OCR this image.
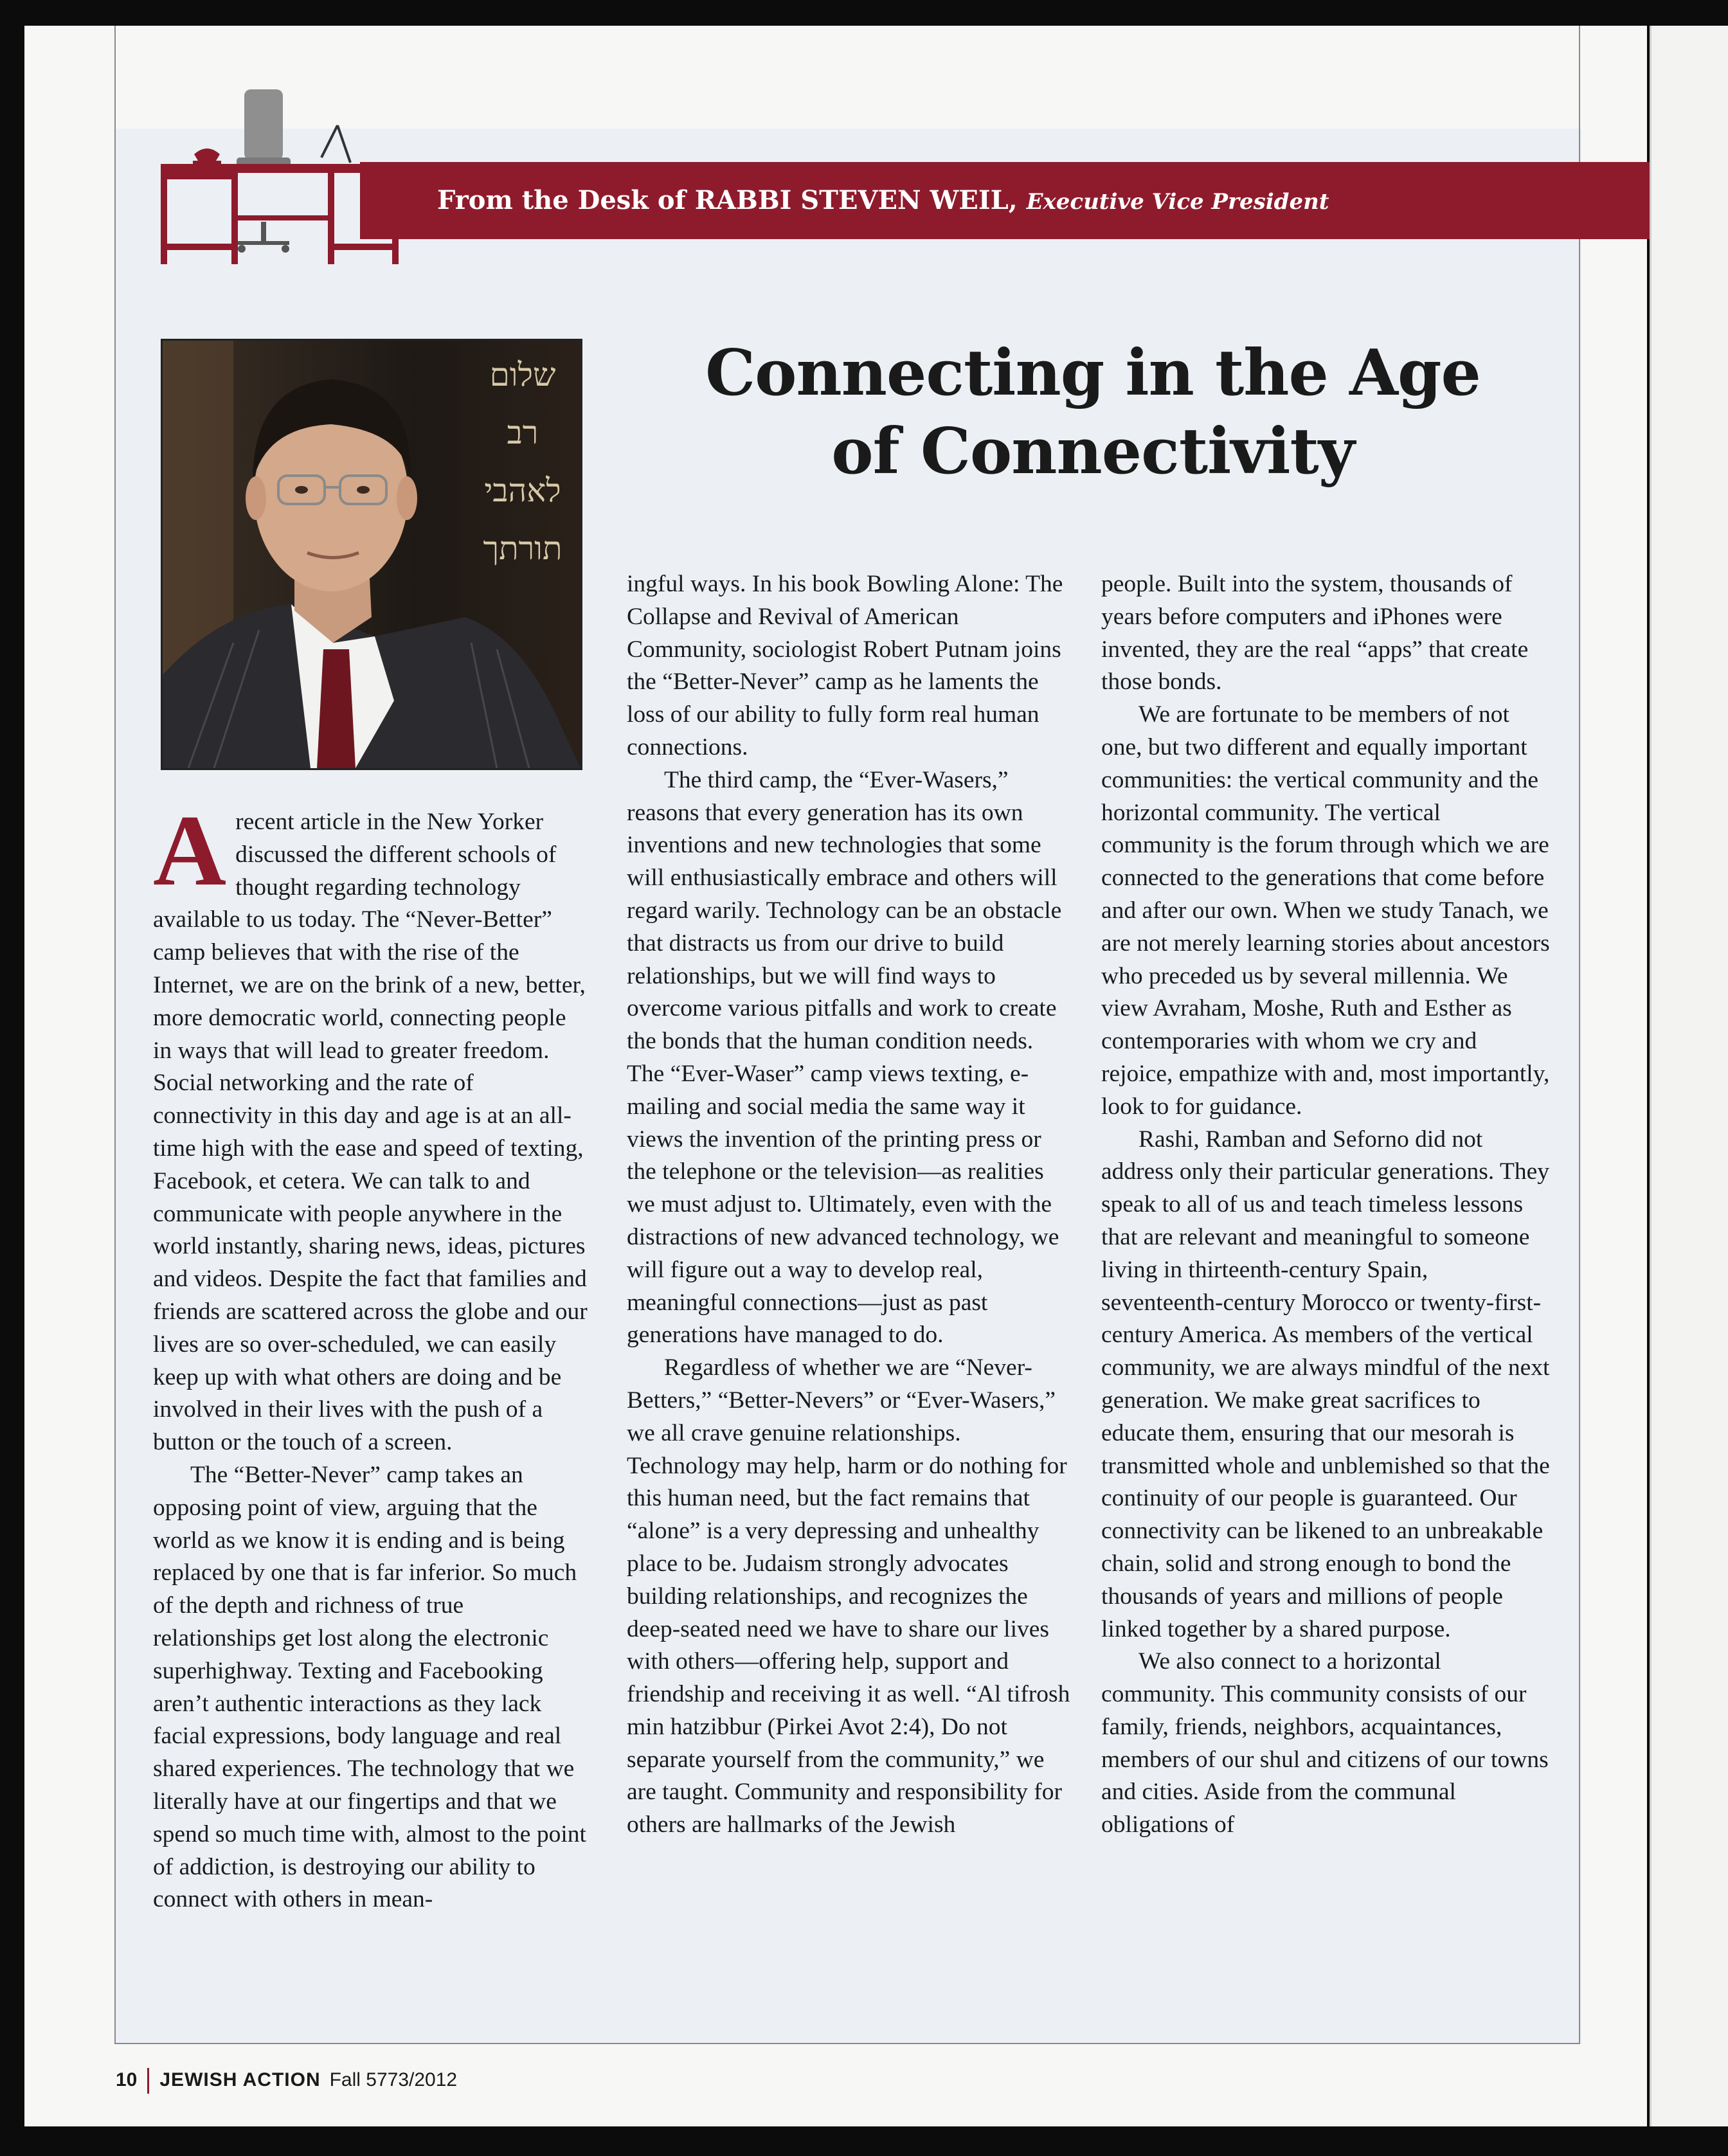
From the Desk of RABBI STEVEN WEIL, Executive Vice President
שלום
רב
לאהבי
תורתך
Connecting in the Age
of Connectivity

A recent article in the New Yorker discussed the different schools of thought regarding technology available to us today. The “Never-Better” camp believes that with the rise of the Internet, we are on the brink of a new, better, more democratic world, connecting people in ways that will lead to greater freedom. Social networking and the rate of connectivity in this day and age is at an all-time high with the ease and speed of texting, Facebook, et cetera. We can talk to and communicate with people anywhere in the world instantly, sharing news, ideas, pictures and videos. Despite the fact that families and friends are scattered across the globe and our lives are so over-scheduled, we can easily keep up with what others are doing and be involved in their lives with the push of a button or the touch of a screen.

The “Better-Never” camp takes an opposing point of view, arguing that the world as we know it is ending and is being replaced by one that is far inferior. So much of the depth and richness of true relationships get lost along the electronic superhighway. Texting and Facebooking aren’t authentic interactions as they lack facial expressions, body language and real shared experiences. The technology that we literally have at our fingertips and that we spend so much time with, almost to the point of addiction, is destroying our ability to connect with others in mean-

ingful ways. In his book Bowling Alone: The Collapse and Revival of American Community, sociologist Robert Putnam joins the “Better-Never” camp as he laments the loss of our ability to fully form real human connections.

The third camp, the “Ever-Wasers,” reasons that every generation has its own inventions and new technologies that some will enthusiastically embrace and others will regard warily. Technology can be an obstacle that distracts us from our drive to build relationships, but we will find ways to overcome various pitfalls and work to create the bonds that the human condition needs. The “Ever-Waser” camp views texting, e-mailing and social media the same way it views the invention of the printing press or the telephone or the television—as realities we must adjust to. Ultimately, even with the distractions of new advanced technology, we will figure out a way to develop real, meaningful connections—just as past generations have managed to do.

Regardless of whether we are “Never-Betters,” “Better-Nevers” or “Ever-Wasers,” we all crave genuine relationships. Technology may help, harm or do nothing for this human need, but the fact remains that “alone” is a very depressing and unhealthy place to be. Judaism strongly advocates building relationships, and recognizes the deep-seated need we have to share our lives with others—offering help, support and friendship and receiving it as well. “Al tifrosh min hatzibbur (Pirkei Avot 2:4), Do not separate yourself from the community,” we are taught. Community and responsibility for others are hallmarks of the Jewish

people. Built into the system, thousands of years before computers and iPhones were invented, they are the real “apps” that create those bonds.

We are fortunate to be members of not one, but two different and equally important communities: the vertical community and the horizontal community. The vertical community is the forum through which we are connected to the generations that come before and after our own. When we study Tanach, we are not merely learning stories about ancestors who preceded us by several millennia. We view Avraham, Moshe, Ruth and Esther as contemporaries with whom we cry and rejoice, empathize with and, most importantly, look to for guidance.

Rashi, Ramban and Seforno did not address only their particular generations. They speak to all of us and teach timeless lessons that are relevant and meaningful to someone living in thirteenth-century Spain, seventeenth-century Morocco or twenty-first-century America. As members of the vertical community, we are always mindful of the next generation. We make great sacrifices to educate them, ensuring that our mesorah is transmitted whole and unblemished so that the continuity of our people is guaranteed. Our connectivity can be likened to an unbreakable chain, solid and strong enough to bond the thousands of years and millions of people linked together by a shared purpose.

We also connect to a horizontal community. This community consists of our family, friends, neighbors, acquaintances, members of our shul and citizens of our towns and cities. Aside from the communal obligations of

10 JEWISH ACTION Fall 5773/2012
